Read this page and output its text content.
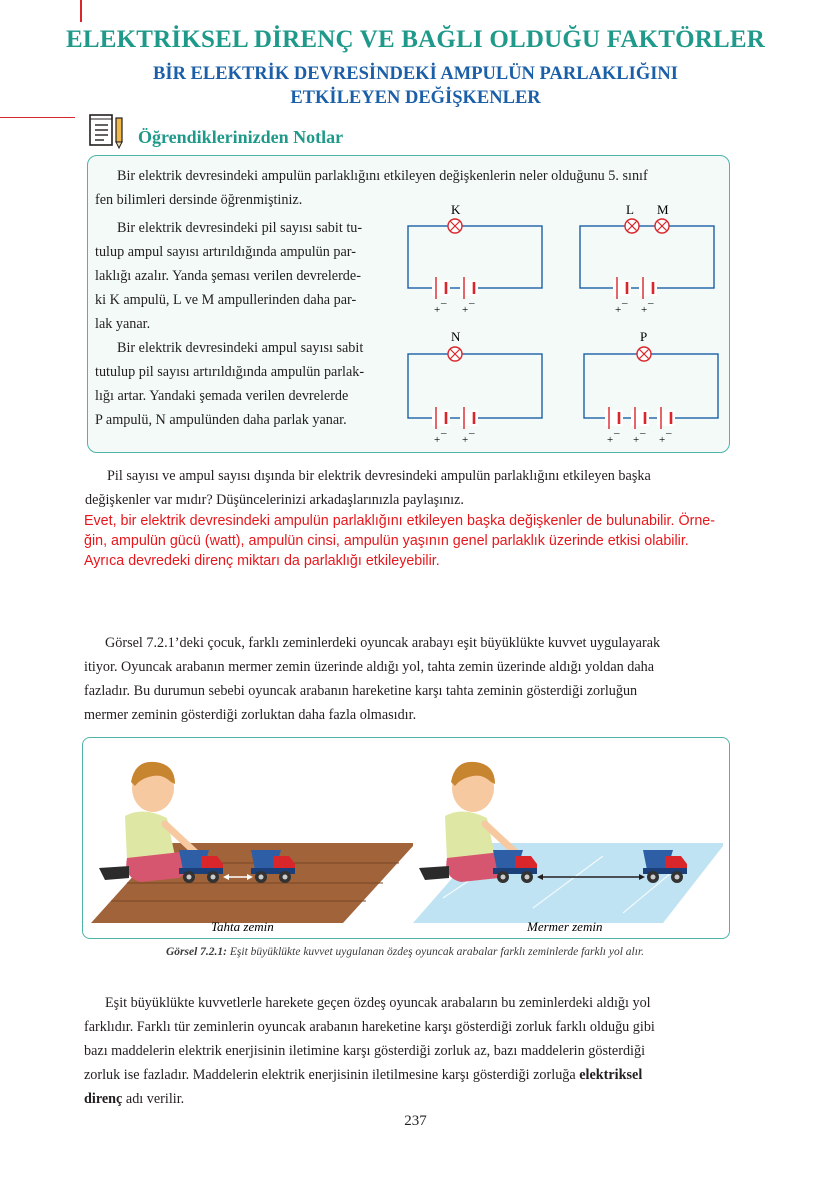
ELEKTRİKSEL DİRENÇ VE BAĞLI OLDUĞU FAKTÖRLER
BİR ELEKTRİK DEVRESİNDEKİ AMPULÜN PARLAKLIĞINI
ETKİLEYEN DEĞİŞKENLER
Öğrendiklerinizden Notlar
Bir elektrik devresindeki ampulün parlaklığını etkileyen değişkenlerin neler olduğunu 5. sınıf
fen bilimleri dersinde öğrenmiştiniz.
Bir elektrik devresindeki pil sayısı sabit tu-
tulup ampul sayısı artırıldığında ampulün par-
laklığı azalır. Yanda şeması verilen devrelerde-
ki K ampulü, L ve M ampullerinden daha par-
lak yanar.
Bir elektrik devresindeki ampul sayısı sabit
tutulup pil sayısı artırıldığında ampulün parlak-
lığı artar. Yandaki şemada verilen devrelerde
P ampulü, N ampulünden daha parlak yanar.
K
– –
+ +
L M
– –
+ +
N
– –
+ +
P
– – –
+ + +
Pil sayısı ve ampul sayısı dışında bir elektrik devresindeki ampulün parlaklığını etkileyen başka
değişkenler var mıdır? Düşüncelerinizi arkadaşlarınızla paylaşınız.
Evet, bir elektrik devresindeki ampulün parlaklığını etkileyen başka değişkenler de bulunabilir. Örne-
ğin, ampulün gücü (watt), ampulün cinsi, ampulün yaşının genel parlaklık üzerinde etkisi olabilir.
Ayrıca devredeki direnç miktarı da parlaklığı etkileyebilir.
Görsel 7.2.1’deki çocuk, farklı zeminlerdeki oyuncak arabayı eşit büyüklükte kuvvet uygulayarak
itiyor. Oyuncak arabanın mermer zemin üzerinde aldığı yol, tahta zemin üzerinde aldığı yoldan daha
fazladır. Bu durumun sebebi oyuncak arabanın hareketine karşı tahta zeminin gösterdiği zorluğun
mermer zeminin gösterdiği zorluktan daha fazla olmasıdır.
Tahta zemin	Mermer zemin
Görsel 7.2.1: Eşit büyüklükte kuvvet uygulanan özdeş oyuncak arabalar farklı zeminlerde farklı yol alır.
Eşit büyüklükte kuvvetlerle harekete geçen özdeş oyuncak arabaların bu zeminlerdeki aldığı yol
farklıdır. Farklı tür zeminlerin oyuncak arabanın hareketine karşı gösterdiği zorluk farklı olduğu gibi
bazı maddelerin elektrik enerjisinin iletimine karşı gösterdiği zorluk az, bazı maddelerin gösterdiği
zorluk ise fazladır. Maddelerin elektrik enerjisinin iletilmesine karşı gösterdiği zorluğa elektriksel
direnç adı verilir.
237
